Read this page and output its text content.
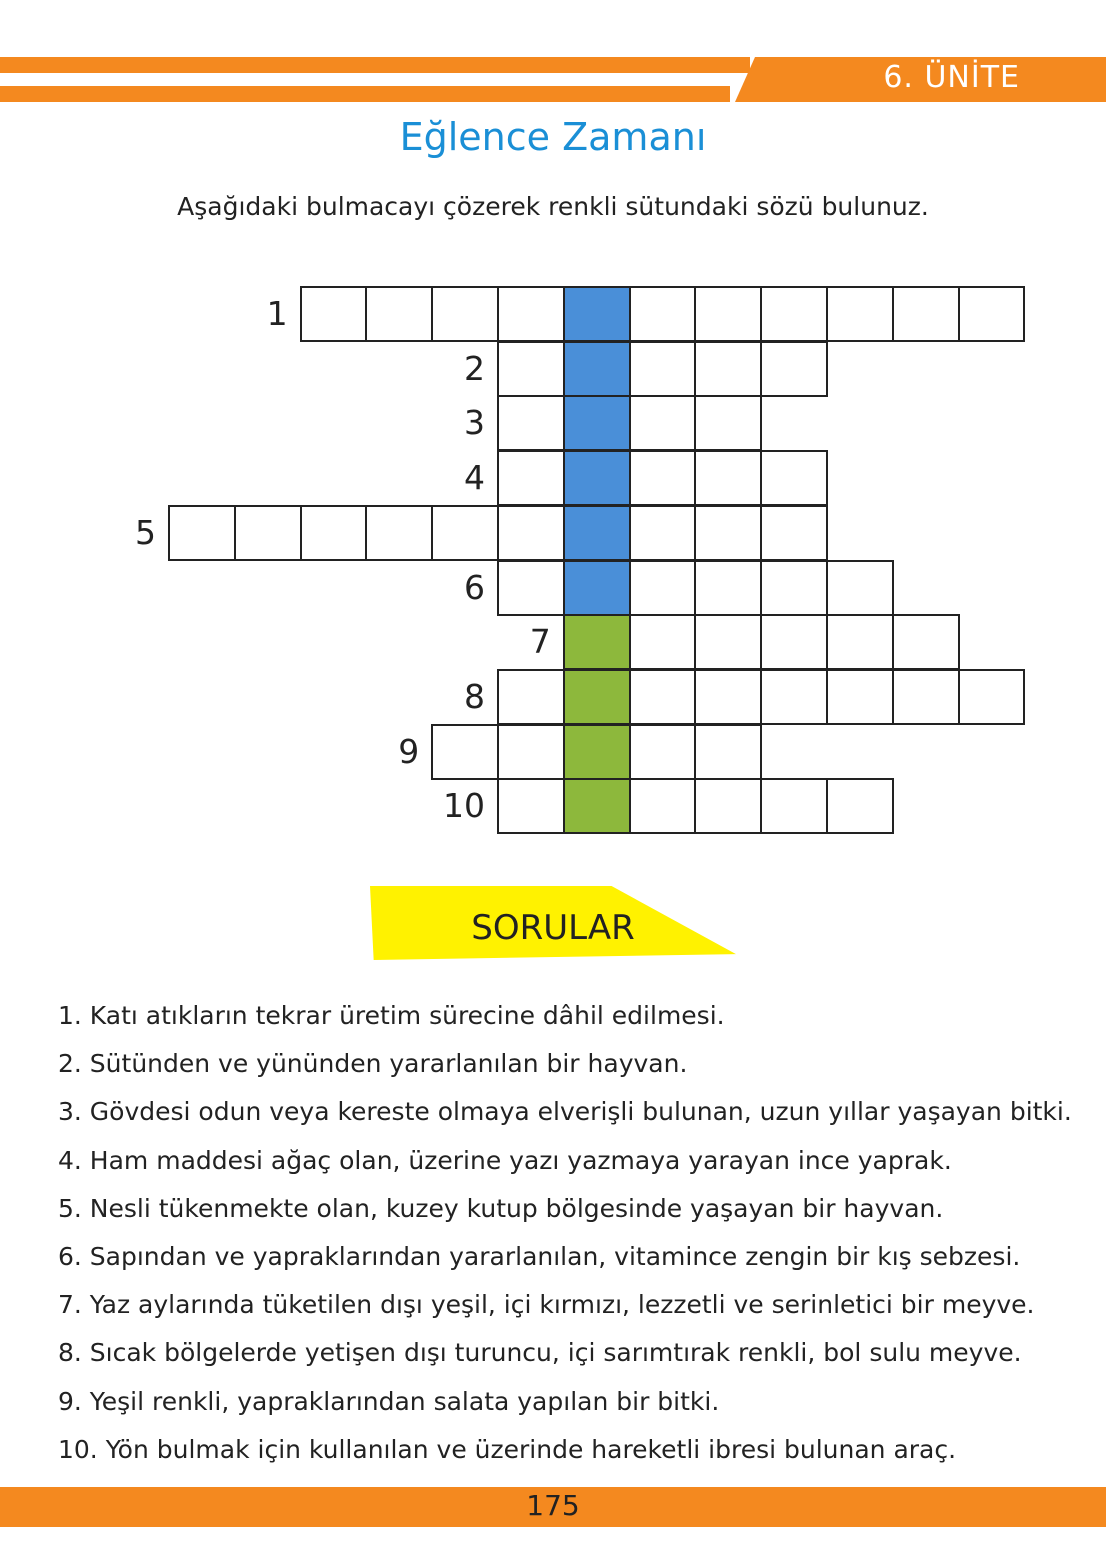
6. ÜNİTE
Eğlence Zamanı
Aşağıdaki bulmacayı çözerek renkli sütundaki sözü bulunuz.
1
2
3
4
5
6
7
8
9
10
SORULAR
1. Katı atıkların tekrar üretim sürecine dâhil edilmesi.
2. Sütünden ve yününden yararlanılan bir hayvan.
3. Gövdesi odun veya kereste olmaya elverişli bulunan, uzun yıllar yaşayan bitki.
4. Ham maddesi ağaç olan, üzerine yazı yazmaya yarayan ince yaprak.
5. Nesli tükenmekte olan, kuzey kutup bölgesinde yaşayan bir hayvan.
6. Sapından ve yapraklarından yararlanılan, vitamince zengin bir kış sebzesi.
7. Yaz aylarında tüketilen dışı yeşil, içi kırmızı, lezzetli ve serinletici bir meyve.
8. Sıcak bölgelerde yetişen dışı turuncu, içi sarımtırak renkli, bol sulu meyve.
9. Yeşil renkli, yapraklarından salata yapılan bir bitki.
10. Yön bulmak için kullanılan ve üzerinde hareketli ibresi bulunan araç.
175
